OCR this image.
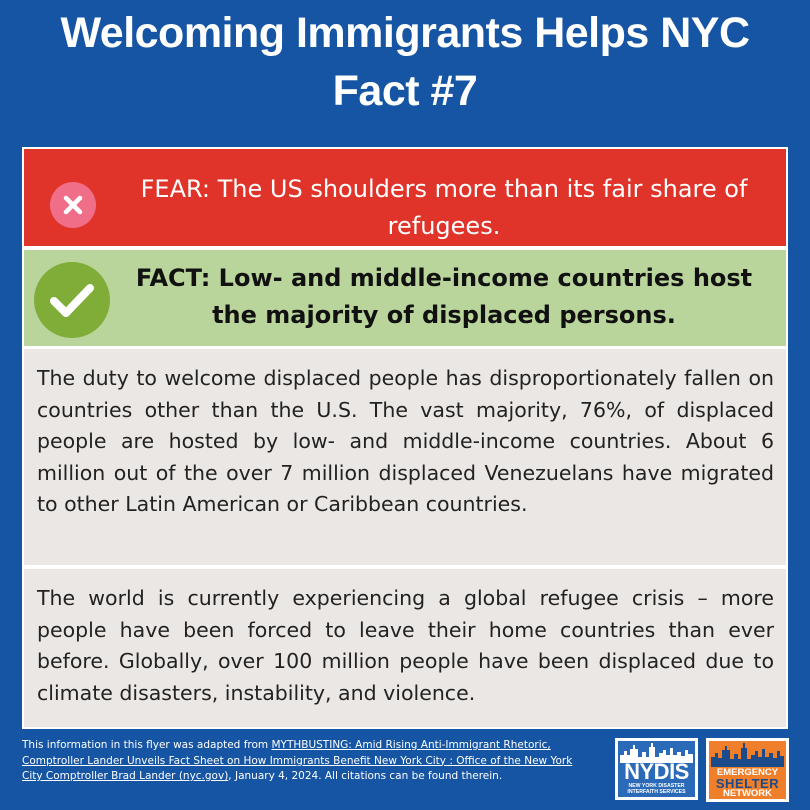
Welcoming Immigrants Helps NYC
Fact #7
FEAR: The US shoulders more than its fair share of refugees.
FACT: Low- and middle-income countries host the majority of displaced persons.
The duty to welcome displaced people has disproportionately fallen on countries other than the U.S. The vast majority, 76%, of displaced people are hosted by low- and middle-income countries. About 6 million out of the over 7 million displaced Venezuelans have migrated to other Latin American or Caribbean countries.
The world is currently experiencing a global refugee crisis – more people have been forced to leave their home countries than ever before. Globally, over 100 million people have been displaced due to climate disasters, instability, and violence.
This information in this flyer was adapted from MYTHBUSTING: Amid Rising Anti-Immigrant Rhetoric, Comptroller Lander Unveils Fact Sheet on How Immigrants Benefit New York City : Office of the New York City Comptroller Brad Lander (nyc.gov), January 4, 2024. All citations can be found therein.	NYDIS
NEW YORK DISASTER INTERFAITH SERVICES
EMERGENCY
SHELTER
NETWORK
